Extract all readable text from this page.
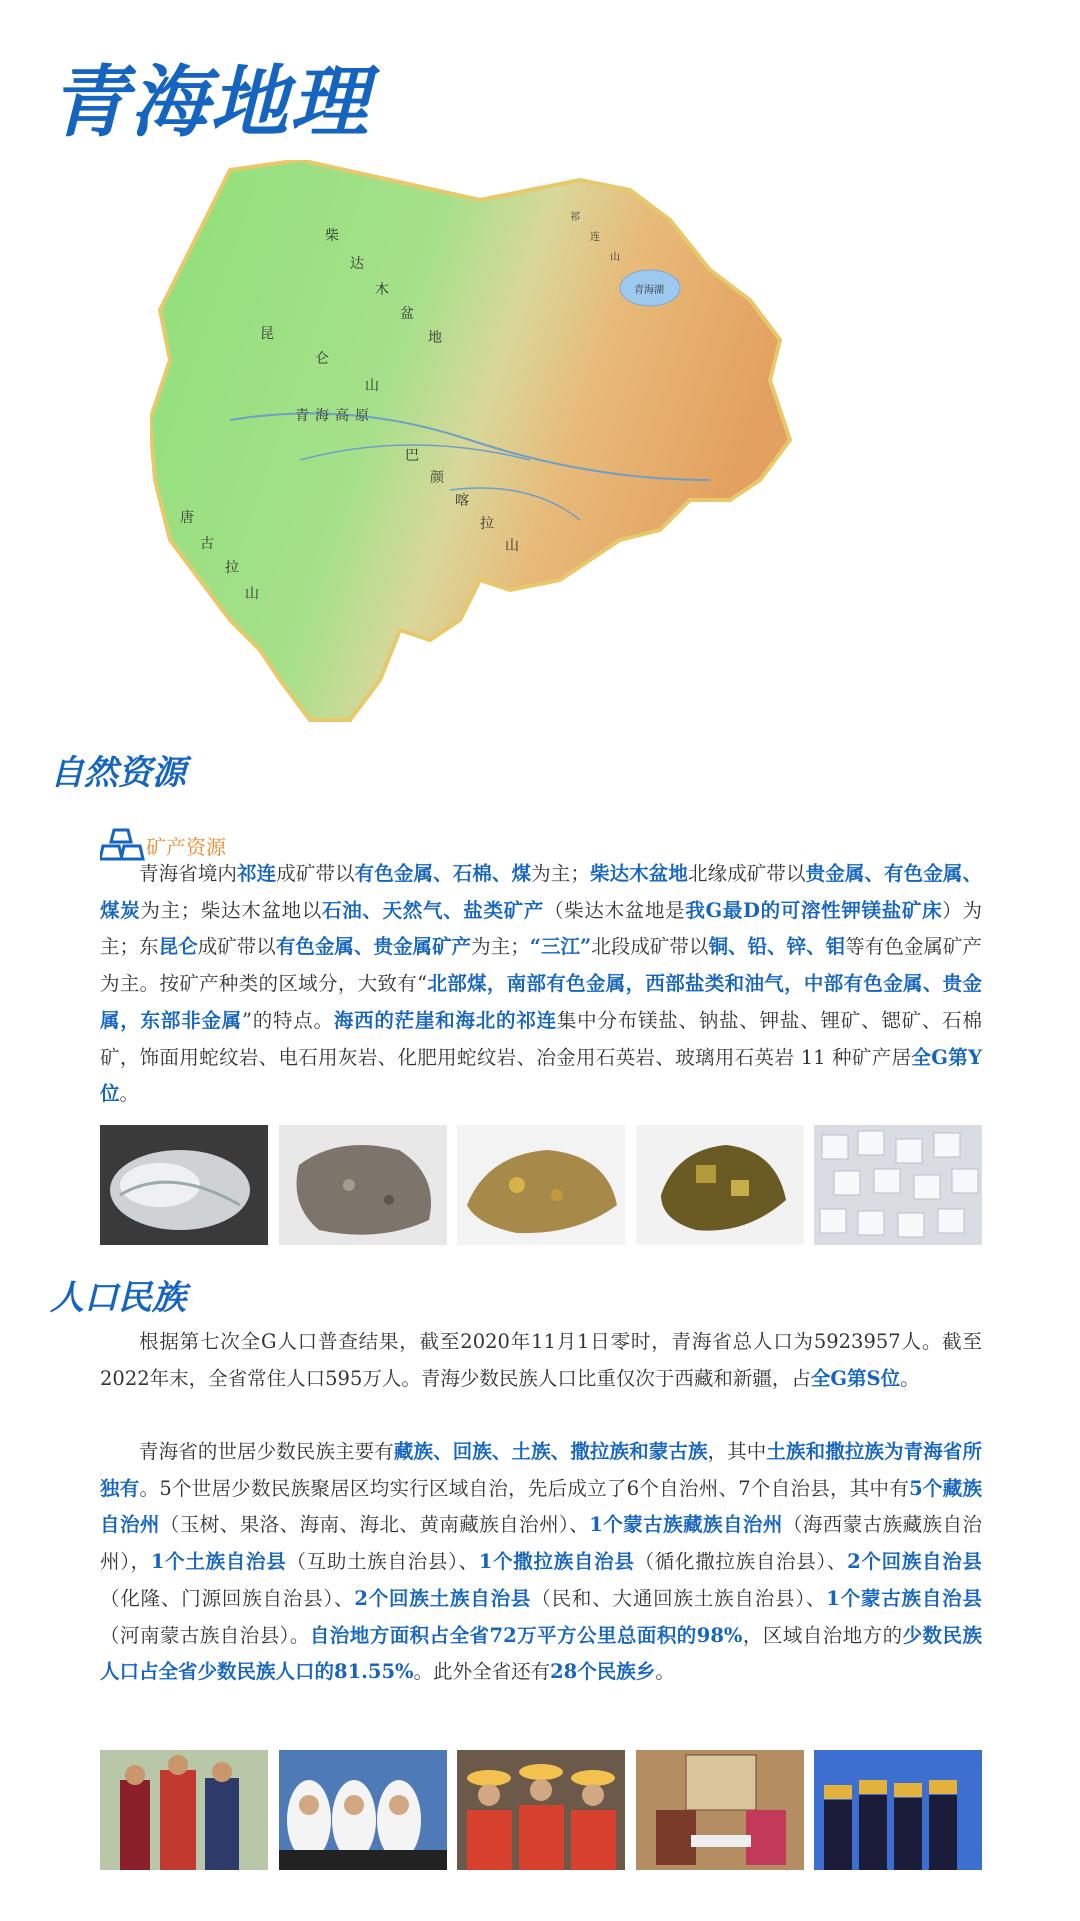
青海地理
柴
达
木
盆
地
昆
仑
山
青海高原
巴
颜
喀
拉
山
唐
古
拉
山
青海湖
祁
连
山
自然资源
矿产资源

青海省境内祁连成矿带以有色金属、石棉、煤为主；柴达木盆地北缘成矿带以贵金属、有色金属、煤炭为主；柴达木盆地以石油、天然气、盐类矿产（柴达木盆地是我G最D的可溶性钾镁盐矿床）为主；东昆仑成矿带以有色金属、贵金属矿产为主；“三江”北段成矿带以铜、铅、锌、钼等有色金属矿产为主。按矿产种类的区域分，大致有“北部煤，南部有色金属，西部盐类和油气，中部有色金属、贵金属，东部非金属”的特点。海西的茫崖和海北的祁连集中分布镁盐、钠盐、钾盐、锂矿、锶矿、石棉矿，饰面用蛇纹岩、电石用灰岩、化肥用蛇纹岩、冶金用石英岩、玻璃用石英岩 11 种矿产居全G第Y位。

人口民族

根据第七次全G人口普查结果，截至2020年11月1日零时，青海省总人口为5923957人。截至2022年末，全省常住人口595万人。青海少数民族人口比重仅次于西藏和新疆，占全G第S位。

青海省的世居少数民族主要有藏族、回族、土族、撒拉族和蒙古族，其中土族和撒拉族为青海省所独有。5个世居少数民族聚居区均实行区域自治，先后成立了6个自治州、7个自治县，其中有5个藏族自治州（玉树、果洛、海南、海北、黄南藏族自治州）、1个蒙古族藏族自治州（海西蒙古族藏族自治州），1个土族自治县（互助土族自治县）、1个撒拉族自治县（循化撒拉族自治县）、2个回族自治县（化隆、门源回族自治县）、2个回族土族自治县（民和、大通回族土族自治县）、1个蒙古族自治县（河南蒙古族自治县）。自治地方面积占全省72万平方公里总面积的98%，区域自治地方的少数民族人口占全省少数民族人口的81.55%。此外全省还有28个民族乡。
